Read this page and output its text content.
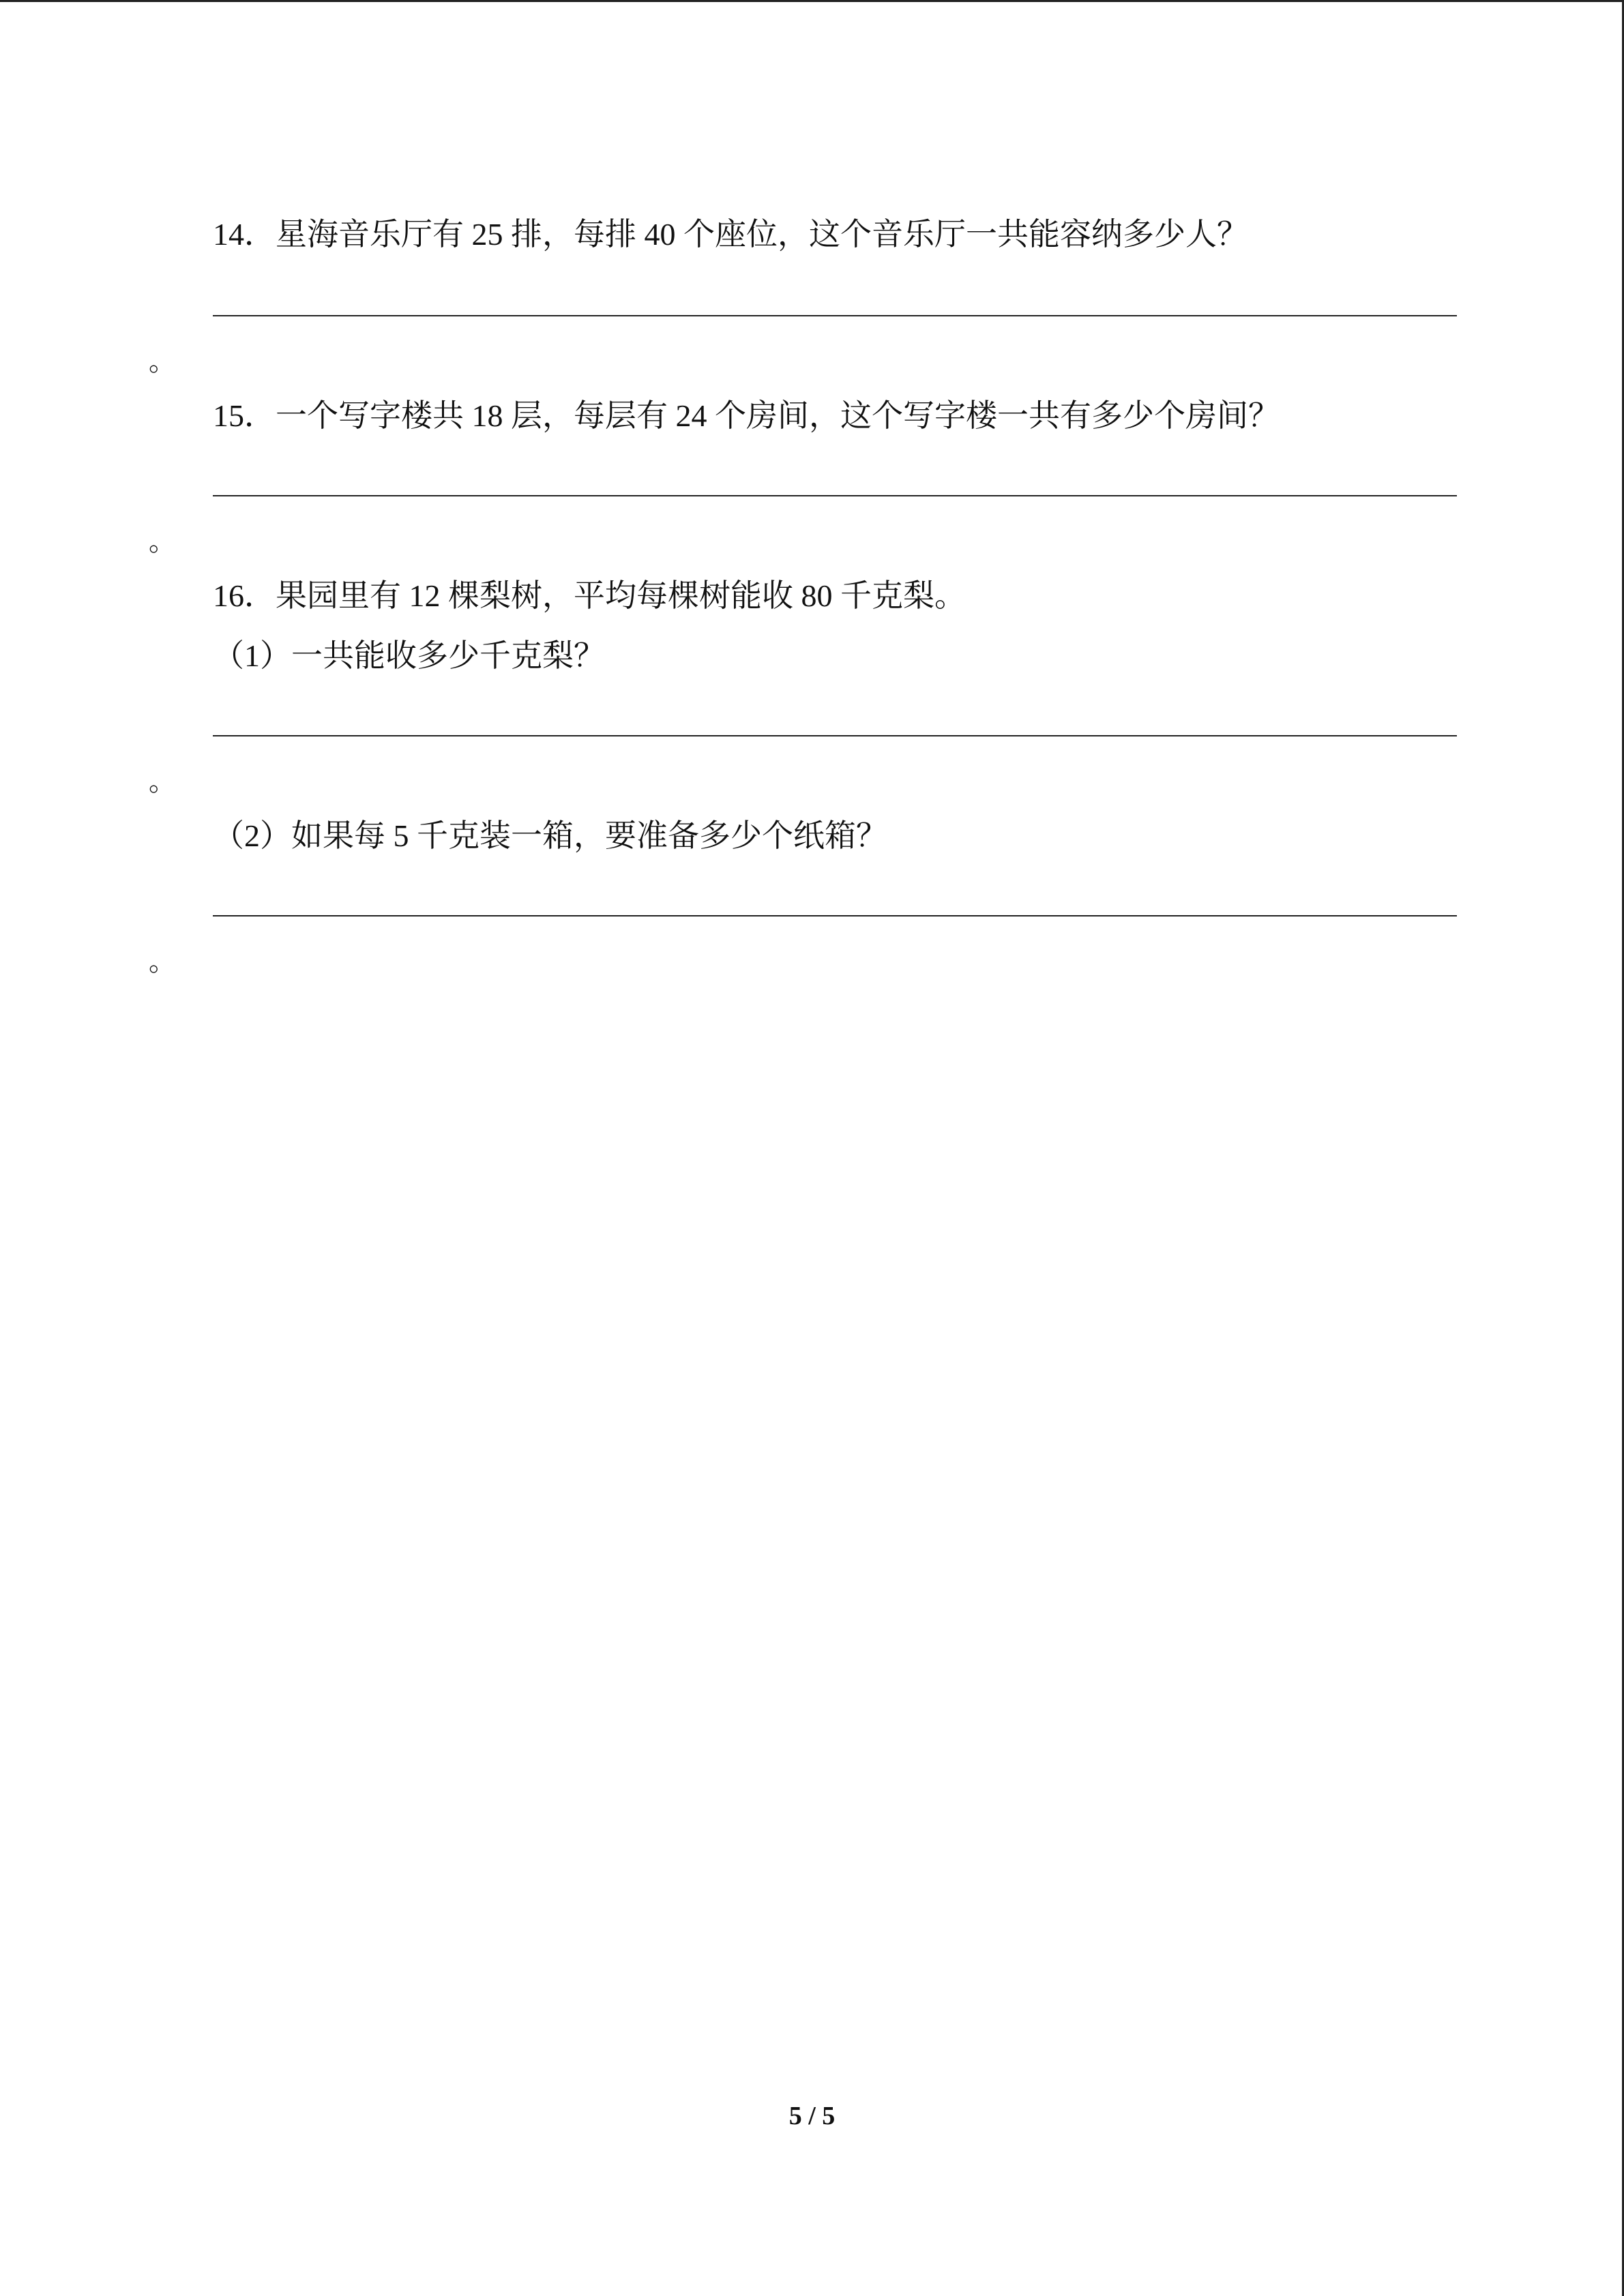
14．星海音乐厅有 25 排，每排 40 个座位，这个音乐厅一共能容纳多少人？
。
15．一个写字楼共 18 层，每层有 24 个房间，这个写字楼一共有多少个房间？
。
16．果园里有 12 棵梨树，平均每棵树能收 80 千克梨。
（1）一共能收多少千克梨？
。
（2）如果每 5 千克装一箱，要准备多少个纸箱？
。
5 / 5
